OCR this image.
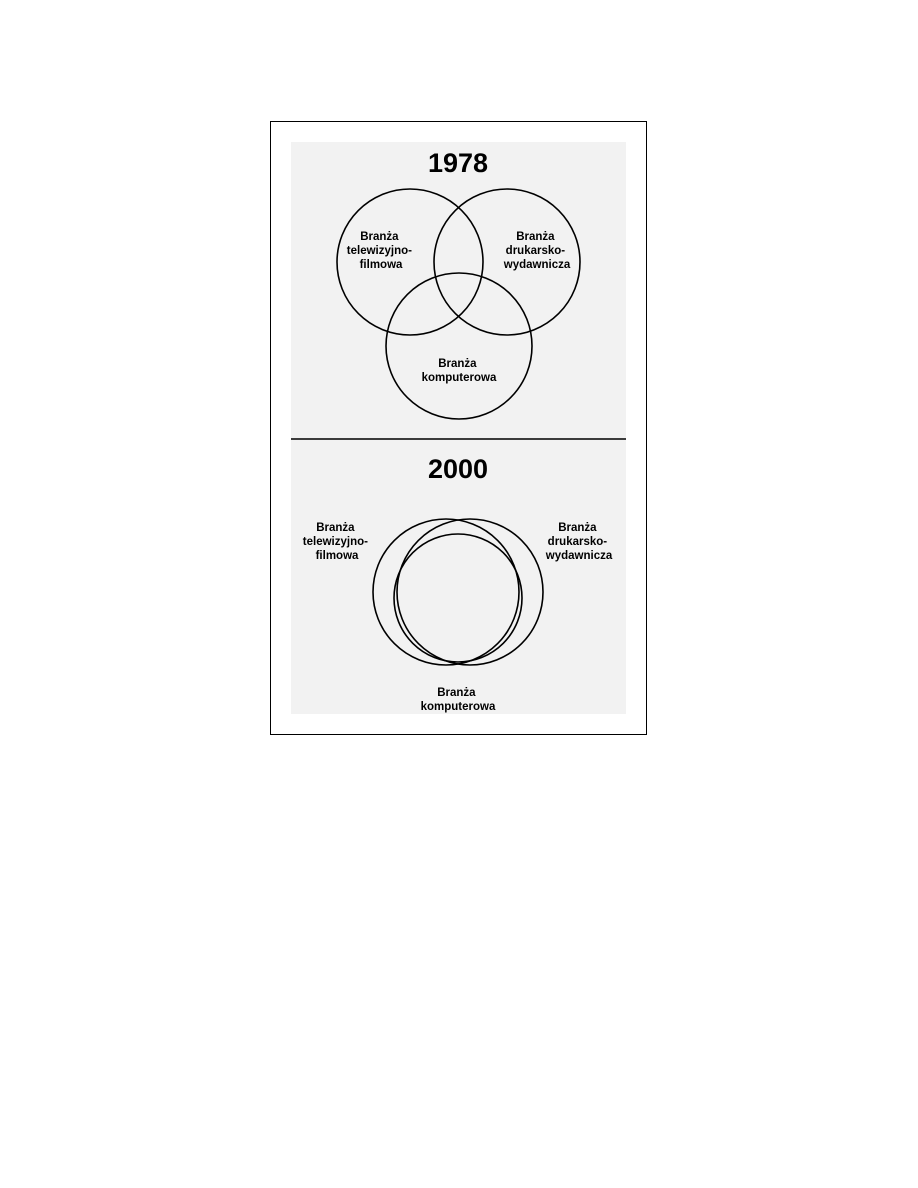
1978
Branża telewizyjno- filmowa
Branża drukarsko- wydawnicza
Branża komputerowa
2000
Branża telewizyjno- filmowa
Branża drukarsko- wydawnicza
Branża komputerowa
